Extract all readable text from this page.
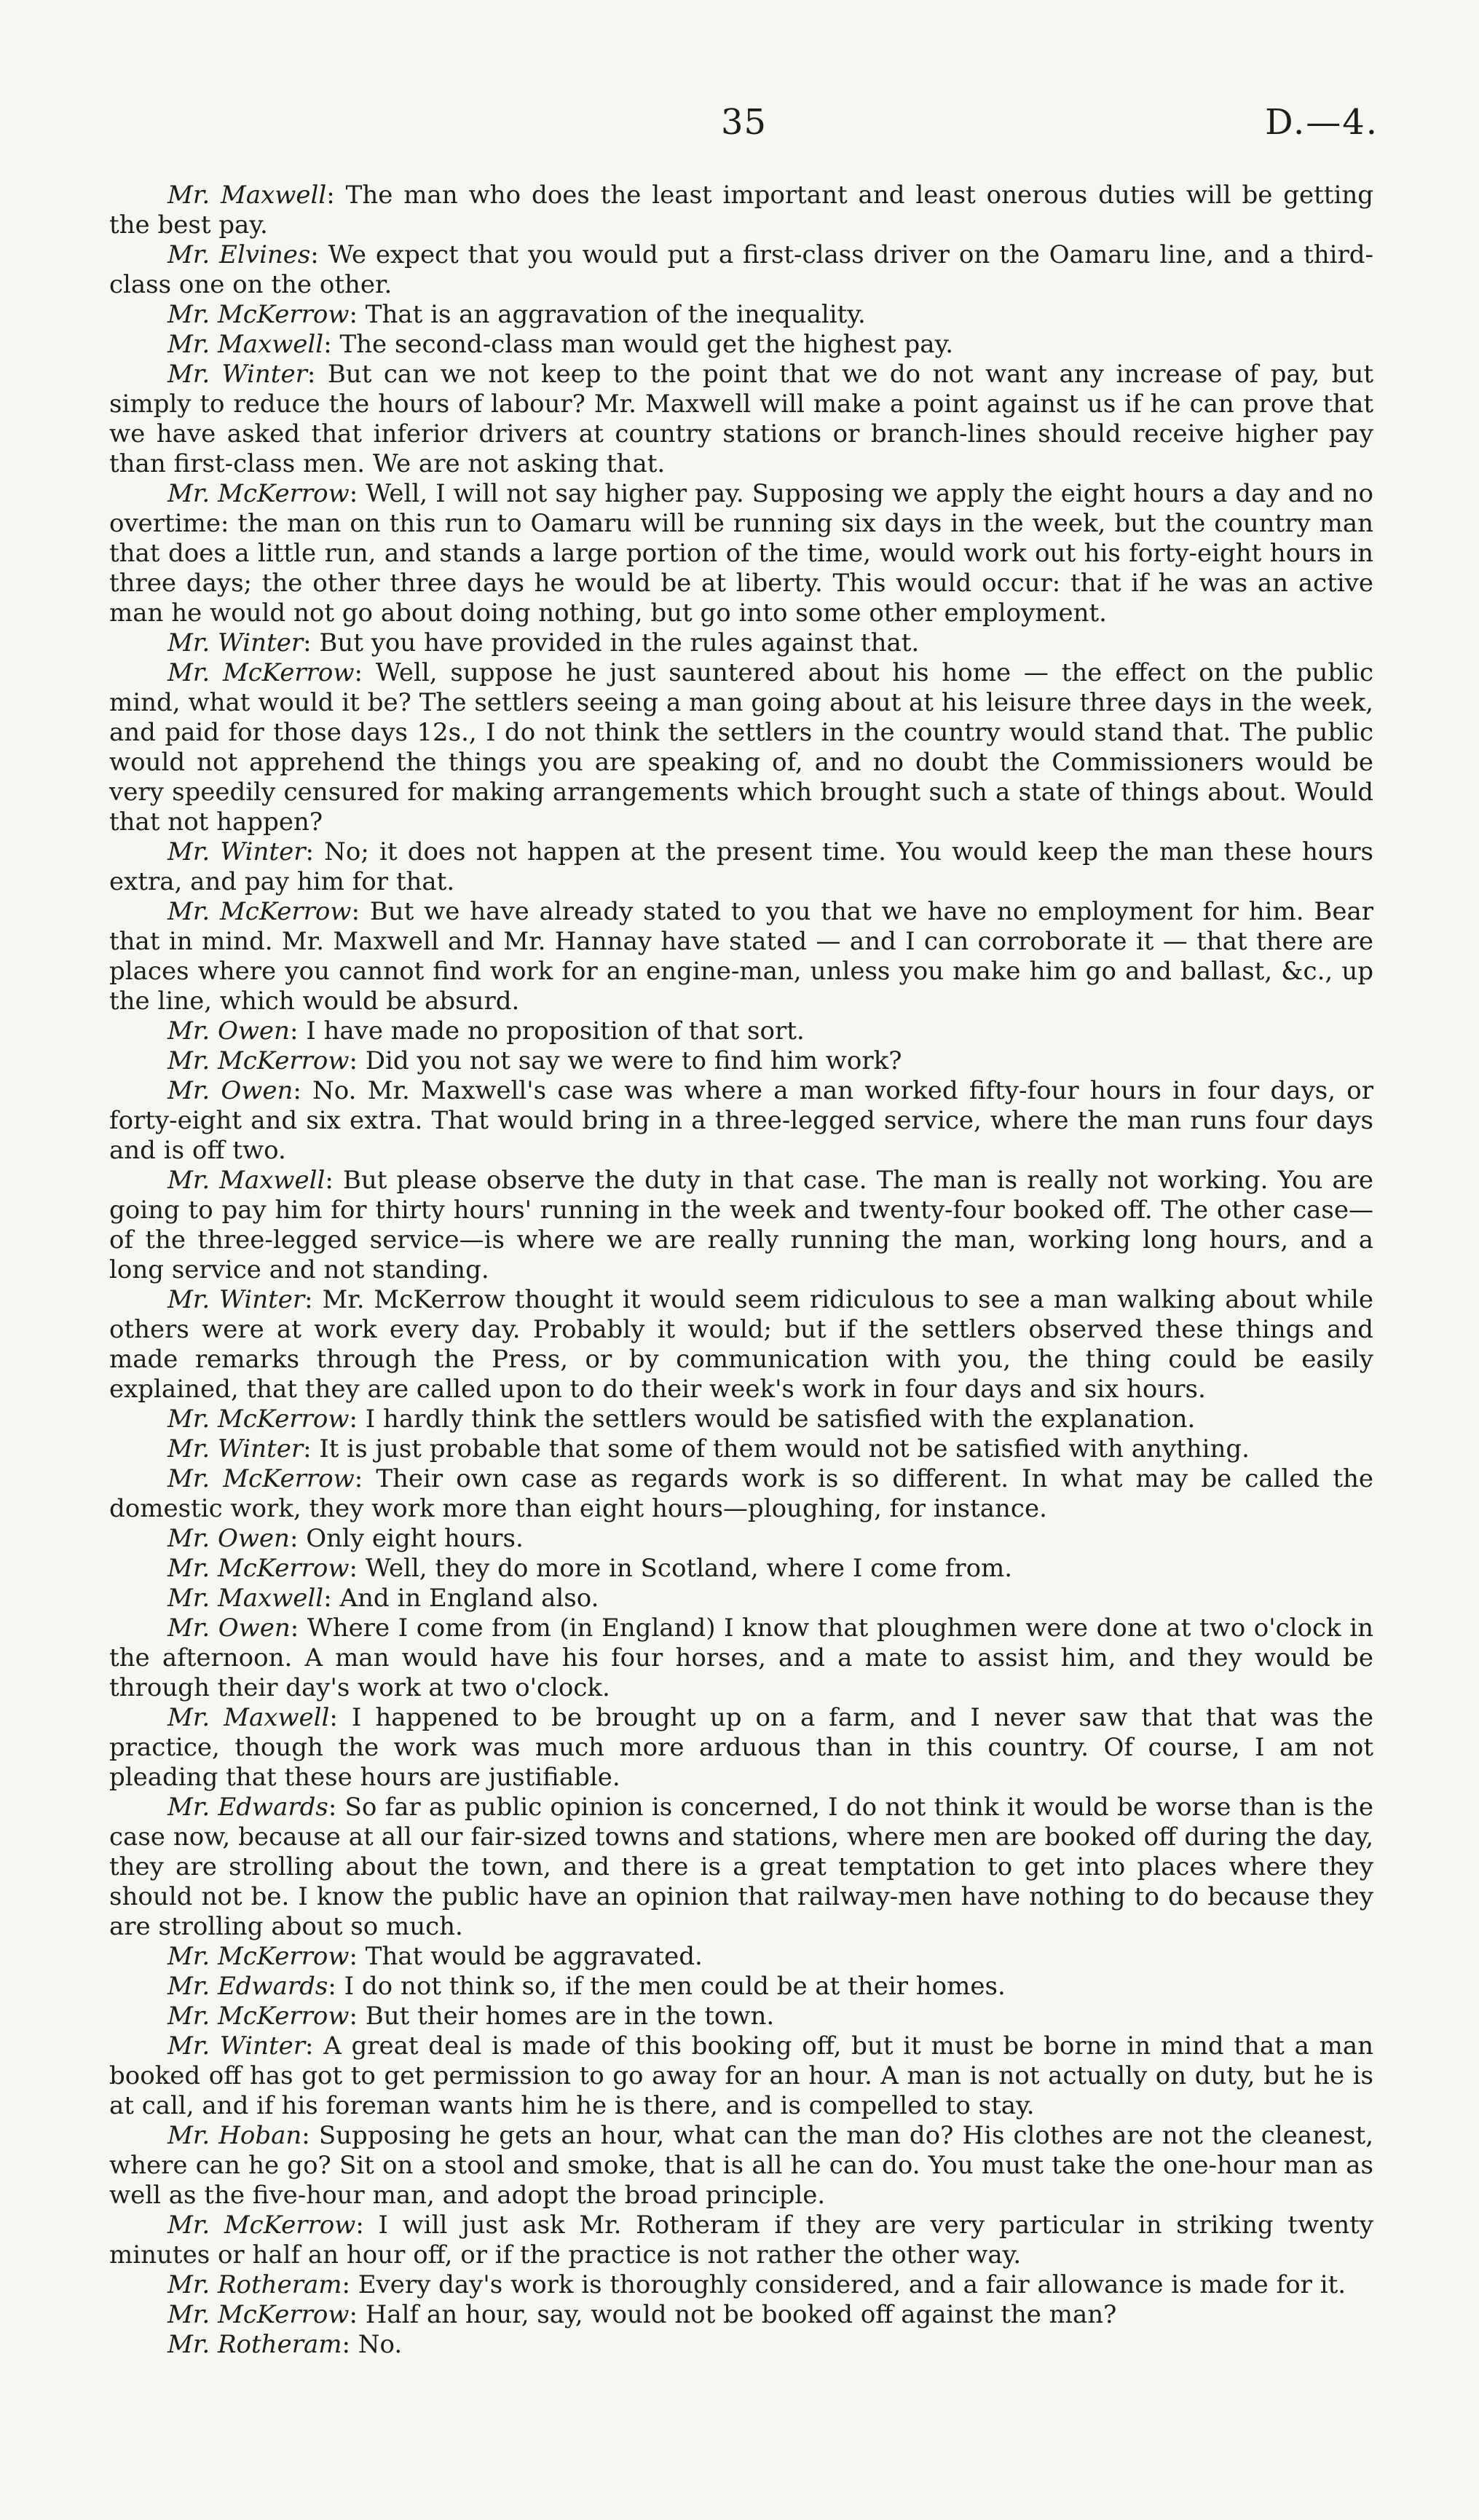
35	D.—4.

Mr. Maxwell: The man who does the least important and least onerous duties will be getting the best pay.

Mr. Elvines: We expect that you would put a first-class driver on the Oamaru line, and a third-class one on the other.

Mr. McKerrow: That is an aggravation of the inequality.

Mr. Maxwell: The second-class man would get the highest pay.

Mr. Winter: But can we not keep to the point that we do not want any increase of pay, but simply to reduce the hours of labour? Mr. Maxwell will make a point against us if he can prove that we have asked that inferior drivers at country stations or branch-lines should receive higher pay than first-class men. We are not asking that.

Mr. McKerrow: Well, I will not say higher pay. Supposing we apply the eight hours a day and no overtime: the man on this run to Oamaru will be running six days in the week, but the country man that does a little run, and stands a large portion of the time, would work out his forty-eight hours in three days; the other three days he would be at liberty. This would occur: that if he was an active man he would not go about doing nothing, but go into some other employment.

Mr. Winter: But you have provided in the rules against that.

Mr. McKerrow: Well, suppose he just sauntered about his home — the effect on the public mind, what would it be? The settlers seeing a man going about at his leisure three days in the week, and paid for those days 12s., I do not think the settlers in the country would stand that. The public would not apprehend the things you are speaking of, and no doubt the Commissioners would be very speedily censured for making arrangements which brought such a state of things about. Would that not happen?

Mr. Winter: No; it does not happen at the present time. You would keep the man these hours extra, and pay him for that.

Mr. McKerrow: But we have already stated to you that we have no employment for him. Bear that in mind. Mr. Maxwell and Mr. Hannay have stated — and I can corroborate it — that there are places where you cannot find work for an engine-man, unless you make him go and ballast, &c., up the line, which would be absurd.

Mr. Owen: I have made no proposition of that sort.

Mr. McKerrow: Did you not say we were to find him work?

Mr. Owen: No. Mr. Maxwell's case was where a man worked fifty-four hours in four days, or forty-eight and six extra. That would bring in a three-legged service, where the man runs four days and is off two.

Mr. Maxwell: But please observe the duty in that case. The man is really not working. You are going to pay him for thirty hours' running in the week and twenty-four booked off. The other case—of the three-legged service—is where we are really running the man, working long hours, and a long service and not standing.

Mr. Winter: Mr. McKerrow thought it would seem ridiculous to see a man walking about while others were at work every day. Probably it would; but if the settlers observed these things and made remarks through the Press, or by communication with you, the thing could be easily explained, that they are called upon to do their week's work in four days and six hours.

Mr. McKerrow: I hardly think the settlers would be satisfied with the explanation.

Mr. Winter: It is just probable that some of them would not be satisfied with anything.

Mr. McKerrow: Their own case as regards work is so different. In what may be called the domestic work, they work more than eight hours—ploughing, for instance.

Mr. Owen: Only eight hours.

Mr. McKerrow: Well, they do more in Scotland, where I come from.

Mr. Maxwell: And in England also.

Mr. Owen: Where I come from (in England) I know that ploughmen were done at two o'clock in the afternoon. A man would have his four horses, and a mate to assist him, and they would be through their day's work at two o'clock.

Mr. Maxwell: I happened to be brought up on a farm, and I never saw that that was the practice, though the work was much more arduous than in this country. Of course, I am not pleading that these hours are justifiable.

Mr. Edwards: So far as public opinion is concerned, I do not think it would be worse than is the case now, because at all our fair-sized towns and stations, where men are booked off during the day, they are strolling about the town, and there is a great temptation to get into places where they should not be. I know the public have an opinion that railway-men have nothing to do because they are strolling about so much.

Mr. McKerrow: That would be aggravated.

Mr. Edwards: I do not think so, if the men could be at their homes.

Mr. McKerrow: But their homes are in the town.

Mr. Winter: A great deal is made of this booking off, but it must be borne in mind that a man booked off has got to get permission to go away for an hour. A man is not actually on duty, but he is at call, and if his foreman wants him he is there, and is compelled to stay.

Mr. Hoban: Supposing he gets an hour, what can the man do? His clothes are not the cleanest, where can he go? Sit on a stool and smoke, that is all he can do. You must take the one-hour man as well as the five-hour man, and adopt the broad principle.

Mr. McKerrow: I will just ask Mr. Rotheram if they are very particular in striking twenty minutes or half an hour off, or if the practice is not rather the other way.

Mr. Rotheram: Every day's work is thoroughly considered, and a fair allowance is made for it.

Mr. McKerrow: Half an hour, say, would not be booked off against the man?

Mr. Rotheram: No.
